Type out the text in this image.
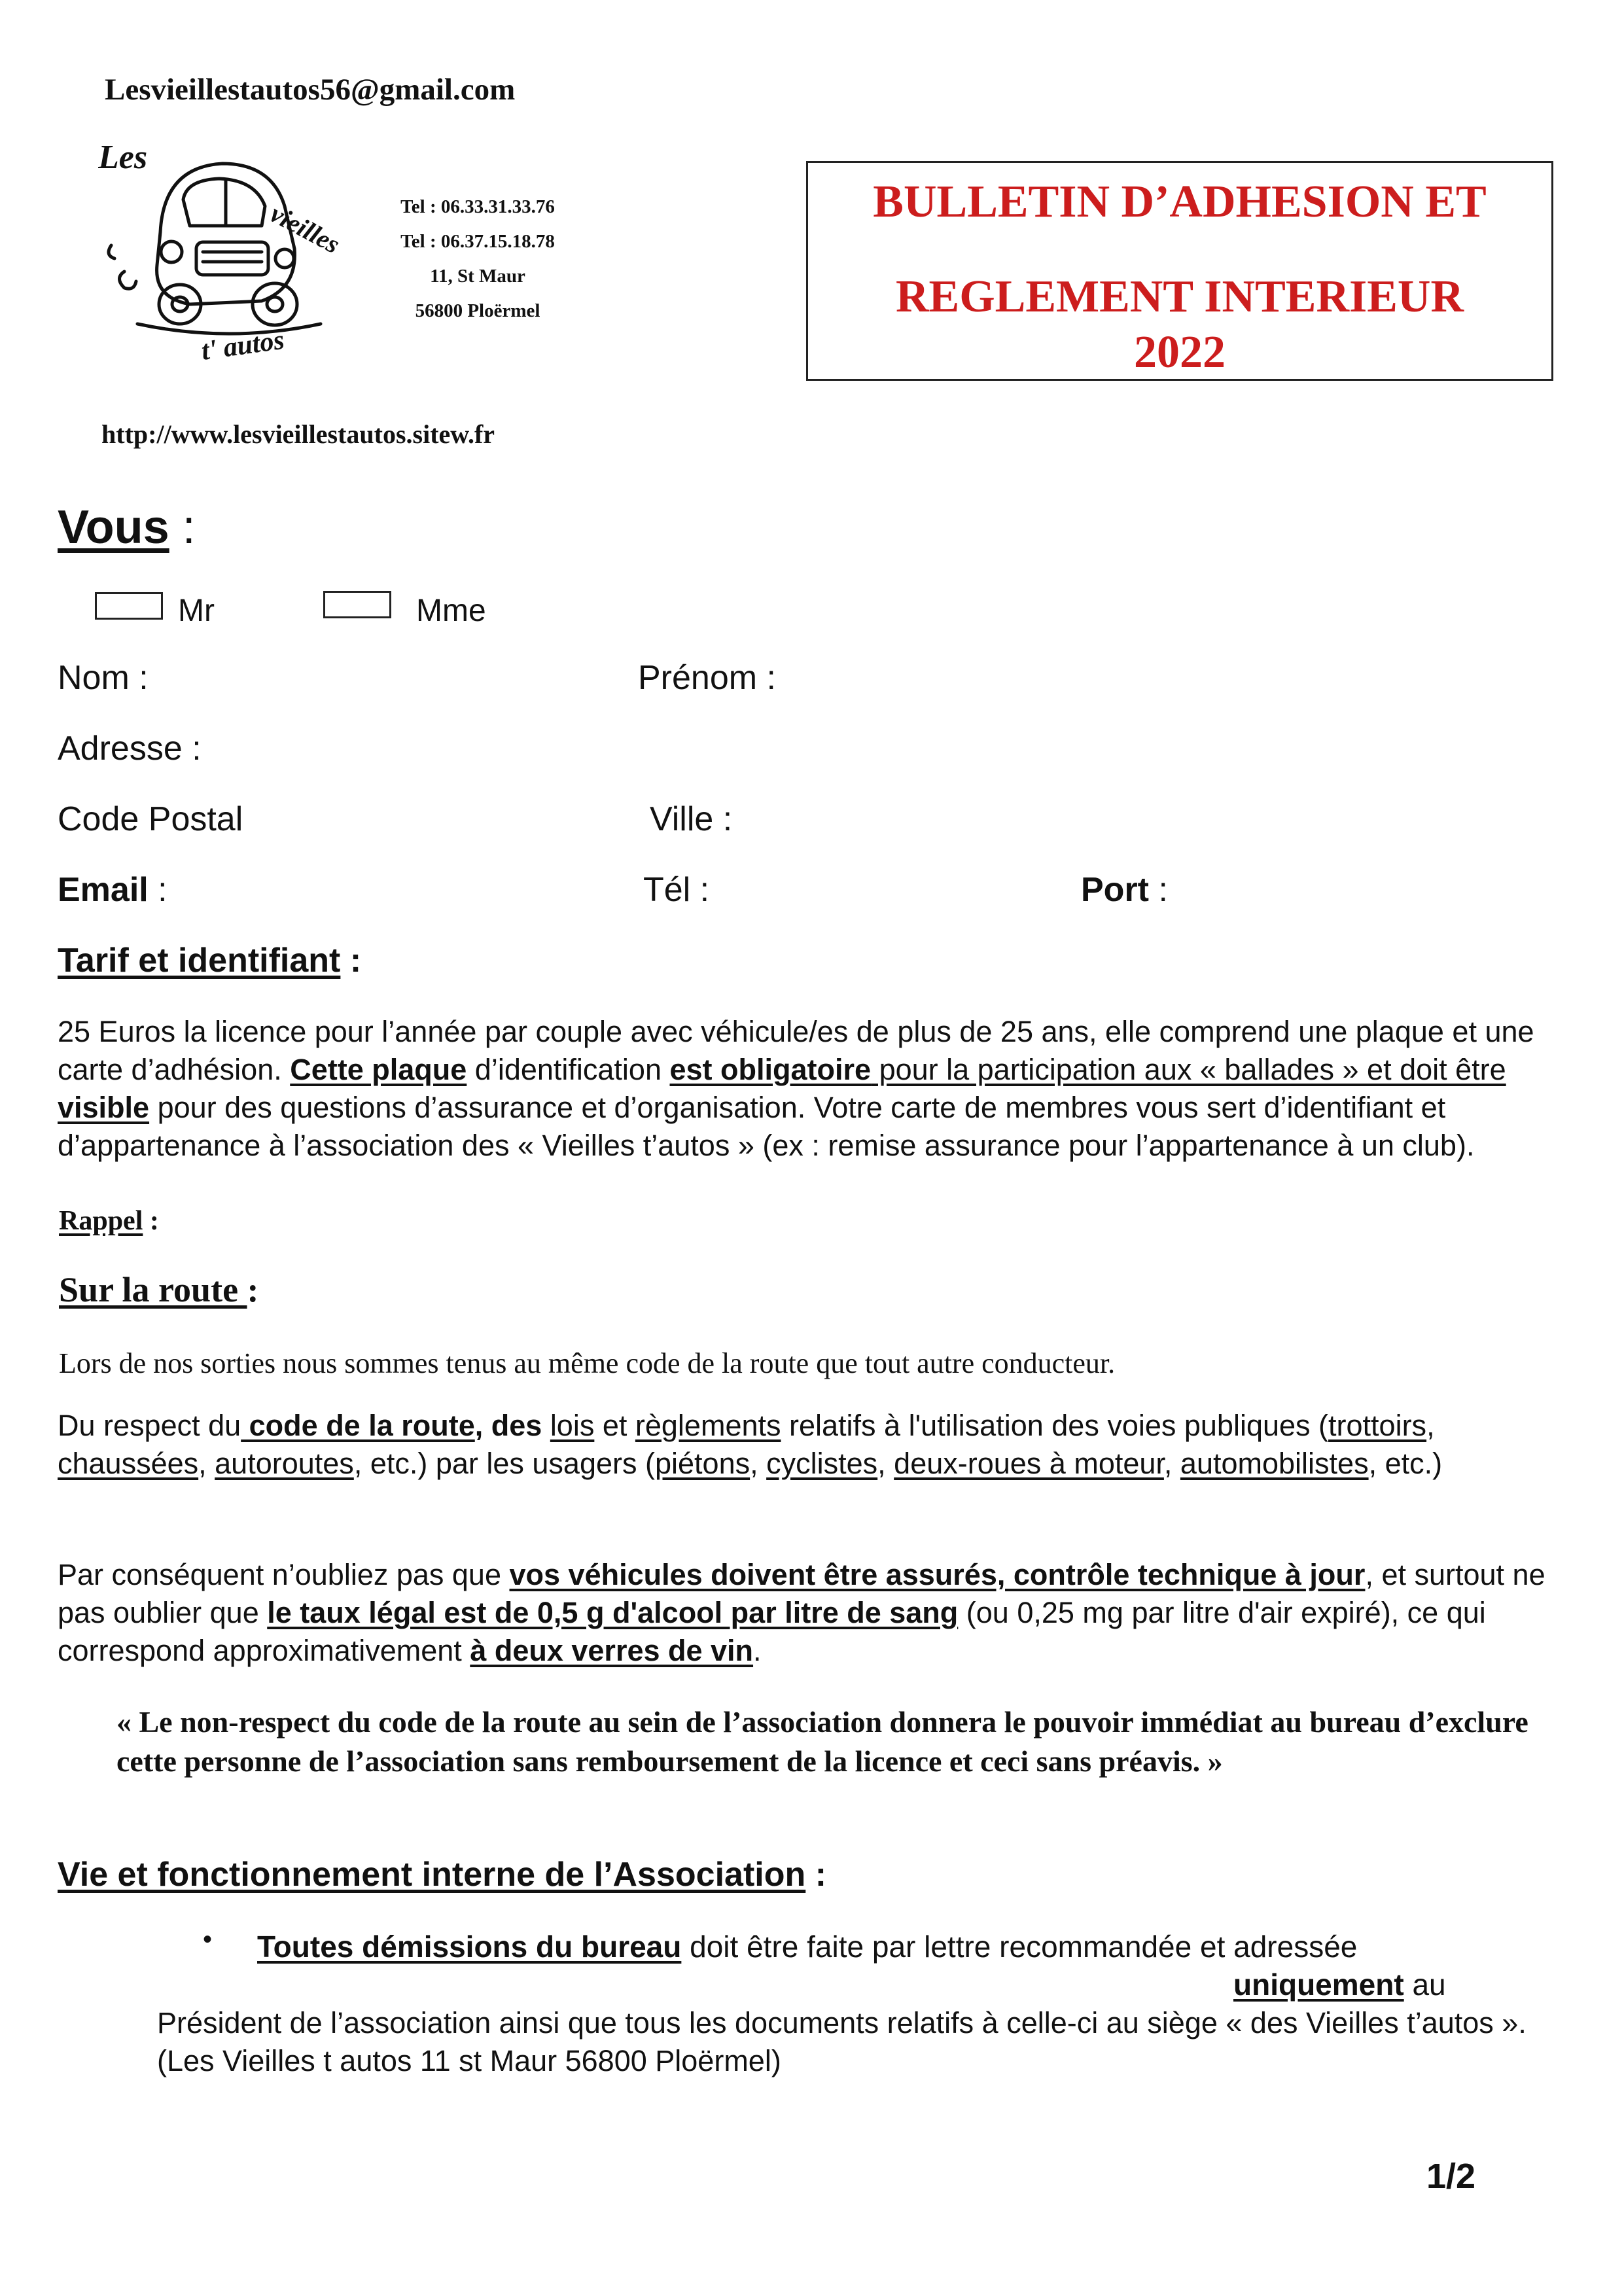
Lesvieillestautos56@gmail.com
Les
vieilles
t' autos
Tel : 06.33.31.33.76
Tel : 06.37.15.18.78
11, St Maur
56800 Ploërmel
http://www.lesvieillestautos.sitew.fr
BULLETIN D’ADHESION ET
REGLEMENT INTERIEUR
2022
Vous :
Mr	Mme
Nom :	Prénom :
Adresse :
Code Postal	Ville :
Email :	Tél :	Port :
Tarif et identifiant :
25 Euros la licence pour l’année par couple avec véhicule/es de plus de 25 ans, elle comprend une plaque et une carte d’adhésion. Cette plaque d’identification est obligatoire pour la participation aux « ballades » et doit être visible pour des questions d’assurance et d’organisation. Votre carte de membres vous sert d’identifiant et d’appartenance à l’association des « Vieilles t’autos » (ex : remise assurance pour l’appartenance à un club).
Rappel :
Sur la route :
Lors de nos sorties nous sommes tenus au même code de la route que tout autre conducteur.
Du respect du code de la route, des lois et règlements relatifs à l'utilisation des voies publiques (trottoirs, chaussées, autoroutes, etc.) par les usagers (piétons, cyclistes, deux-roues à moteur, automobilistes, etc.)
Par conséquent n’oubliez pas que vos véhicules doivent être assurés, contrôle technique à jour, et surtout ne pas oublier que le taux légal est de 0,5 g d'alcool par litre de sang (ou 0,25 mg par litre d'air expiré), ce qui correspond approximativement à deux verres de vin.
« Le non-respect du code de la route au sein de l’association donnera le pouvoir immédiat au bureau d’exclure cette personne de l’association sans remboursement de la licence et ceci sans préavis. »
Vie et fonctionnement interne de l’Association :
• Toutes démissions du bureau doit être faite par lettre recommandée et adressée
uniquement au
Président de l’association ainsi que tous les documents relatifs à celle-ci au siège « des Vieilles t’autos ».
(Les Vieilles t autos 11 st Maur 56800 Ploërmel)
1/2
